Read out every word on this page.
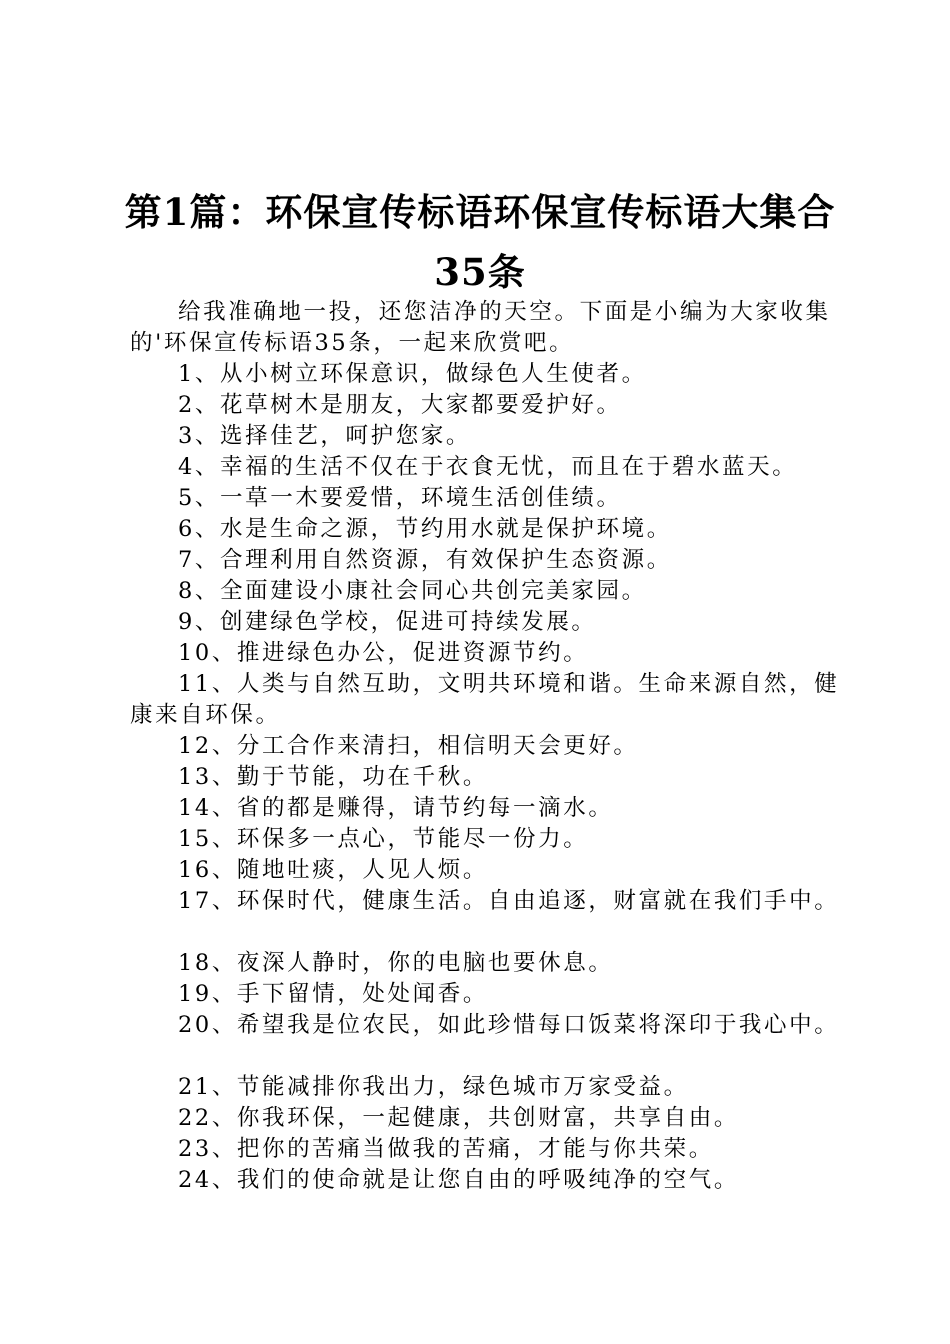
第1篇：环保宣传标语环保宣传标语大集合35条

给我准确地一投，还您洁净的天空。下面是小编为大家收集的'环保宣传标语35条，一起来欣赏吧。

1、从小树立环保意识，做绿色人生使者。

2、花草树木是朋友，大家都要爱护好。

3、选择佳艺，呵护您家。

4、幸福的生活不仅在于衣食无忧，而且在于碧水蓝天。

5、一草一木要爱惜，环境生活创佳绩。

6、水是生命之源，节约用水就是保护环境。

7、合理利用自然资源，有效保护生态资源。

8、全面建设小康社会同心共创完美家园。

9、创建绿色学校，促进可持续发展。

10、推进绿色办公，促进资源节约。

11、人类与自然互助，文明共环境和谐。生命来源自然，健康来自环保。

12、分工合作来清扫，相信明天会更好。

13、勤于节能，功在千秋。

14、省的都是赚得，请节约每一滴水。

15、环保多一点心，节能尽一份力。

16、随地吐痰，人见人烦。

17、环保时代，健康生活。自由追逐，财富就在我们手中。

18、夜深人静时，你的电脑也要休息。

19、手下留情，处处闻香。

20、希望我是位农民，如此珍惜每口饭菜将深印于我心中。

21、节能减排你我出力，绿色城市万家受益。

22、你我环保，一起健康，共创财富，共享自由。

23、把你的苦痛当做我的苦痛，才能与你共荣。

24、我们的使命就是让您自由的呼吸纯净的空气。
